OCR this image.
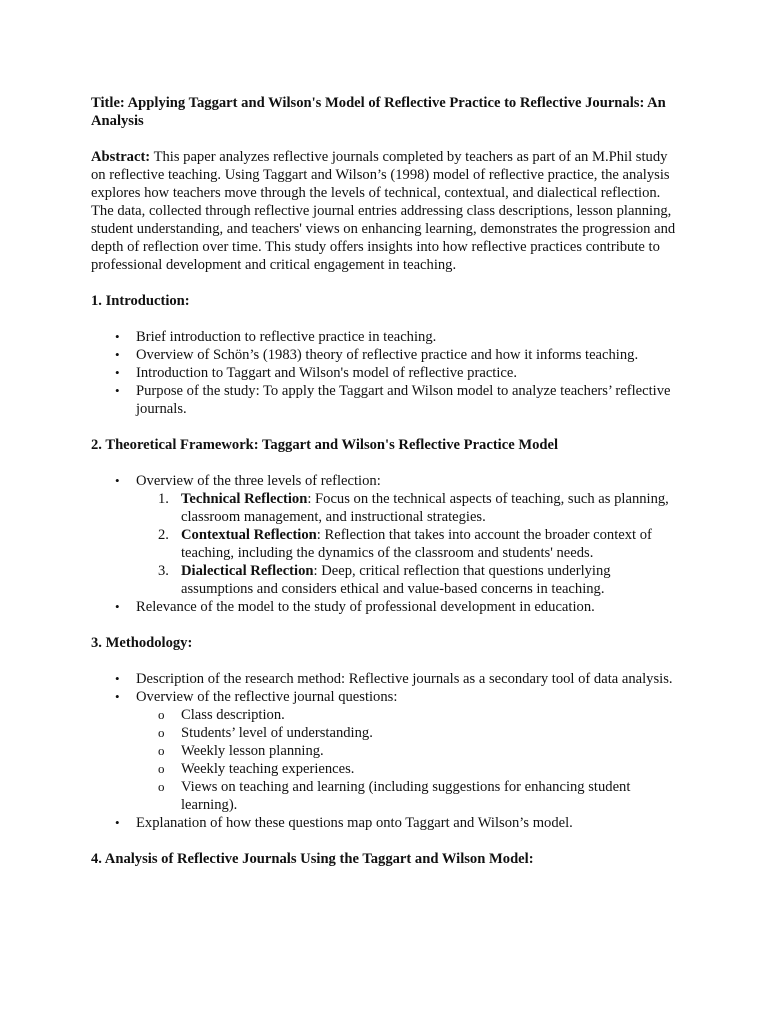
Title: Applying Taggart and Wilson's Model of Reflective Practice to Reflective Journals: An Analysis

Abstract: This paper analyzes reflective journals completed by teachers as part of an M.Phil study on reflective teaching. Using Taggart and Wilson’s (1998) model of reflective practice, the analysis explores how teachers move through the levels of technical, contextual, and dialectical reflection. The data, collected through reflective journal entries addressing class descriptions, lesson planning, student understanding, and teachers' views on enhancing learning, demonstrates the progression and depth of reflection over time. This study offers insights into how reflective practices contribute to professional development and critical engagement in teaching.

1. Introduction:
• Brief introduction to reflective practice in teaching.
• Overview of Schön’s (1983) theory of reflective practice and how it informs teaching.
• Introduction to Taggart and Wilson's model of reflective practice.
• Purpose of the study: To apply the Taggart and Wilson model to analyze teachers’ reflective journals.
2. Theoretical Framework: Taggart and Wilson's Reflective Practice Model
• Overview of the three levels of reflection:
1. Technical Reflection: Focus on the technical aspects of teaching, such as planning, classroom management, and instructional strategies.
2. Contextual Reflection: Reflection that takes into account the broader context of teaching, including the dynamics of the classroom and students' needs.
3. Dialectical Reflection: Deep, critical reflection that questions underlying assumptions and considers ethical and value-based concerns in teaching.
• Relevance of the model to the study of professional development in education.
3. Methodology:
• Description of the research method: Reflective journals as a secondary tool of data analysis.
• Overview of the reflective journal questions:
o Class description.
o Students’ level of understanding.
o Weekly lesson planning.
o Weekly teaching experiences.
o Views on teaching and learning (including suggestions for enhancing student learning).
• Explanation of how these questions map onto Taggart and Wilson’s model.
4. Analysis of Reflective Journals Using the Taggart and Wilson Model:
